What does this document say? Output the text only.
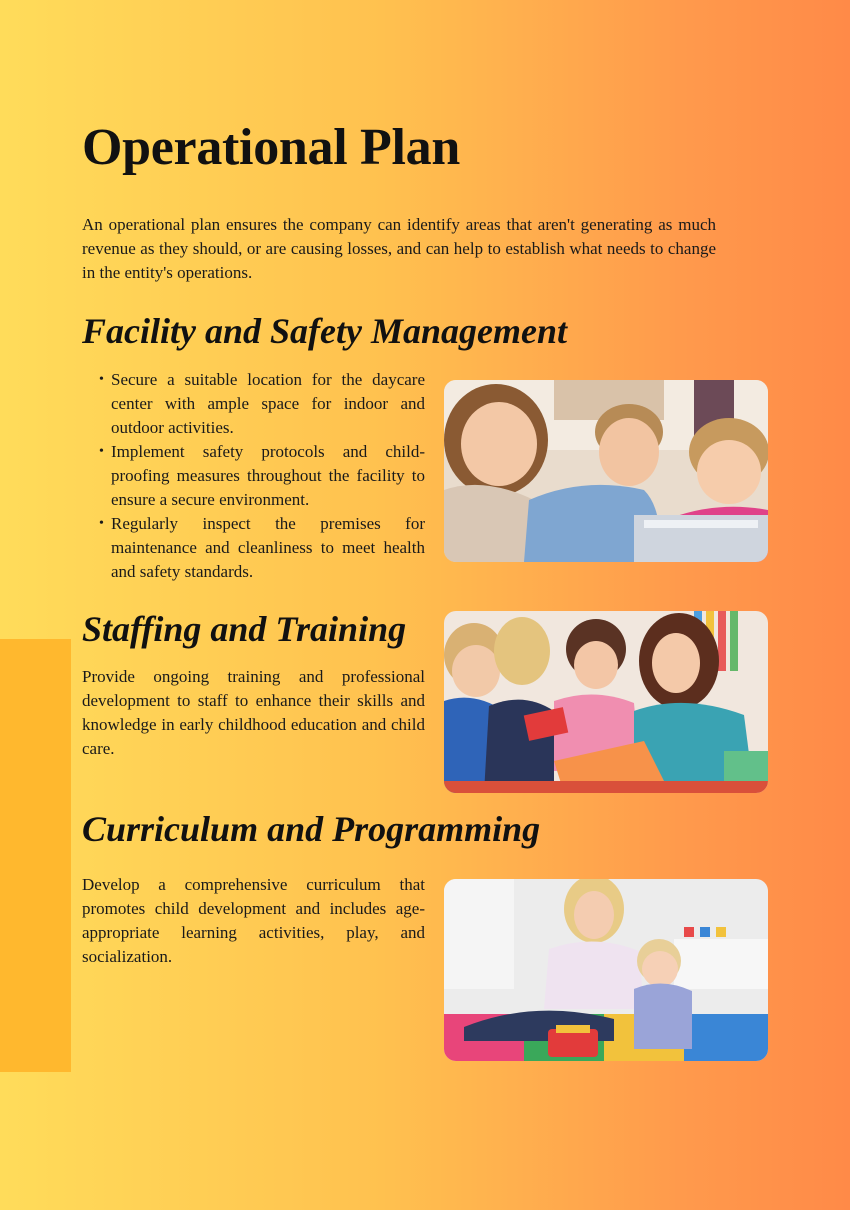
Operational Plan

An operational plan ensures the company can identify areas that aren't generating as much revenue as they should, or are causing losses, and can help to establish what needs to change in the entity's operations.

Facility and Safety Management
• Secure a suitable location for the daycare center with ample space for indoor and outdoor activities.
• Implement safety protocols and child-proofing measures throughout the facility to ensure a secure environment.
• Regularly inspect the premises for maintenance and cleanliness to meet health and safety standards.
Staffing and Training

Provide ongoing training and professional development to staff to enhance their skills and knowledge in early childhood education and child care.

Curriculum and Programming

Develop a comprehensive curriculum that promotes child development and includes age-appropriate learning activities, play, and socialization.
